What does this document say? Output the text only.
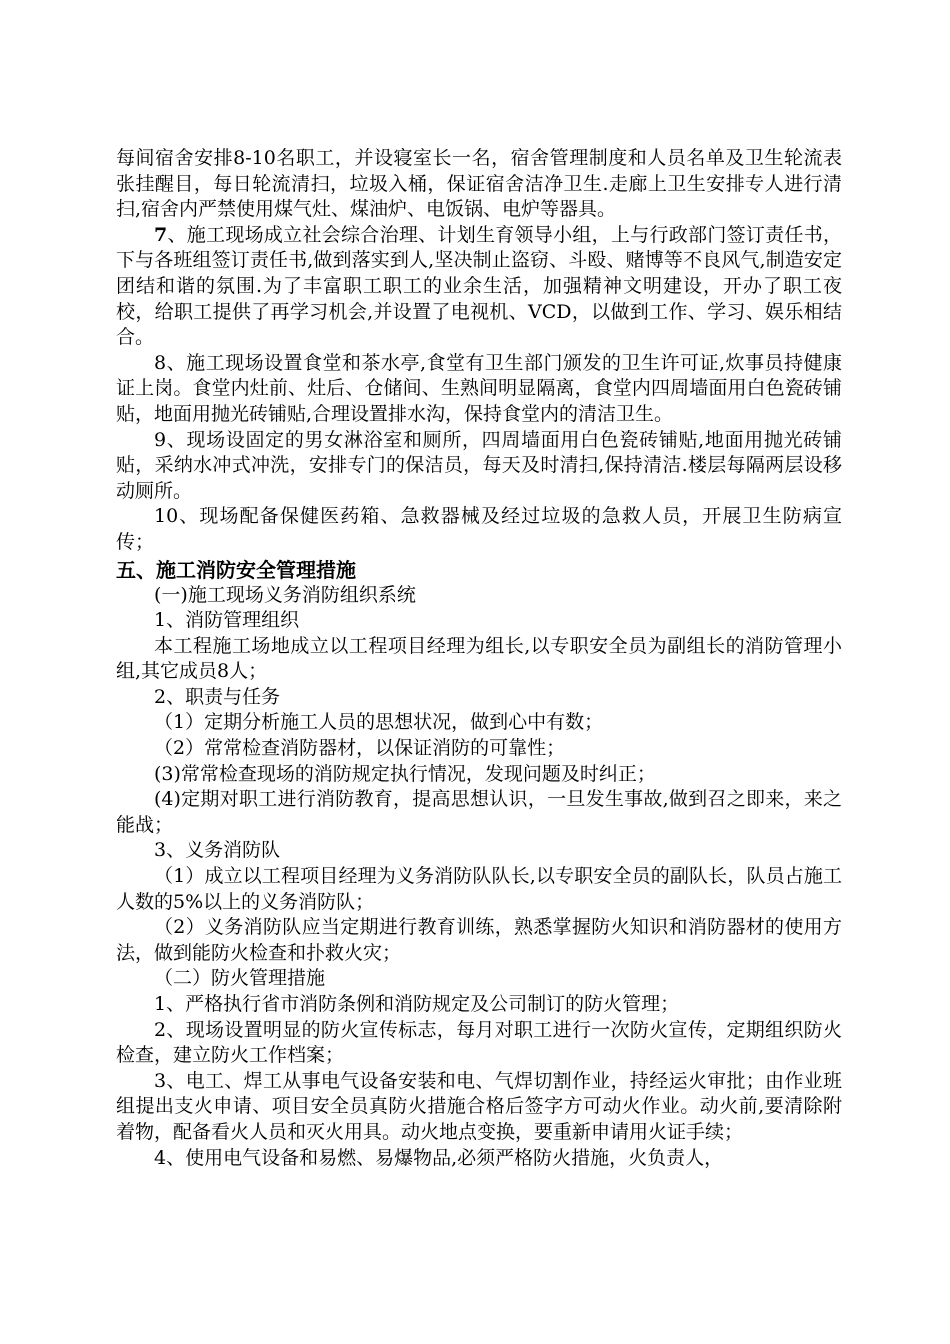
每间宿舍安排8-10名职工，并设寝室长一名，宿舍管理制度和人员名单及卫生轮流表张挂醒目，每日轮流清扫，垃圾入桶，保证宿舍洁净卫生.走廊上卫生安排专人进行清扫,宿舍内严禁使用煤气灶、煤油炉、电饭锅、电炉等器具。

7、施工现场成立社会综合治理、计划生育领导小组，上与行政部门签订责任书，下与各班组签订责任书,做到落实到人,坚决制止盗窃、斗殴、赌博等不良风气,制造安定团结和谐的氛围.为了丰富职工职工的业余生活，加强精神文明建设，开办了职工夜校，给职工提供了再学习机会,并设置了电视机、VCD，以做到工作、学习、娱乐相结合。

8、施工现场设置食堂和茶水亭,食堂有卫生部门颁发的卫生许可证,炊事员持健康证上岗。食堂内灶前、灶后、仓储间、生熟间明显隔离，食堂内四周墙面用白色瓷砖铺贴，地面用抛光砖铺贴,合理设置排水沟，保持食堂内的清洁卫生。

9、现场设固定的男女淋浴室和厕所，四周墙面用白色瓷砖铺贴,地面用抛光砖铺贴，采纳水冲式冲洗，安排专门的保洁员，每天及时清扫,保持清洁.楼层每隔两层设移动厕所。

10、现场配备保健医药箱、急救器械及经过垃圾的急救人员，开展卫生防病宣传；

五、施工消防安全管理措施

(一)施工现场义务消防组织系统

1、消防管理组织

本工程施工场地成立以工程项目经理为组长,以专职安全员为副组长的消防管理小组,其它成员8人；

2、职责与任务

（1）定期分析施工人员的思想状况，做到心中有数；

（2）常常检查消防器材，以保证消防的可靠性；

(3)常常检查现场的消防规定执行情况，发现问题及时纠正；

(4)定期对职工进行消防教育，提高思想认识，一旦发生事故,做到召之即来，来之能战；

3、义务消防队

（1）成立以工程项目经理为义务消防队队长,以专职安全员的副队长，队员占施工人数的5%以上的义务消防队；

（2）义务消防队应当定期进行教育训练，熟悉掌握防火知识和消防器材的使用方法，做到能防火检查和扑救火灾；

（二）防火管理措施

1、严格执行省市消防条例和消防规定及公司制订的防火管理；

2、现场设置明显的防火宣传标志，每月对职工进行一次防火宣传，定期组织防火检查，建立防火工作档案；

3、电工、焊工从事电气设备安装和电、气焊切割作业，持经运火审批；由作业班组提出支火申请、项目安全员真防火措施合格后签字方可动火作业。动火前,要清除附着物，配备看火人员和灭火用具。动火地点变换，要重新申请用火证手续；

4、使用电气设备和易燃、易爆物品,必须严格防火措施，火负责人，
